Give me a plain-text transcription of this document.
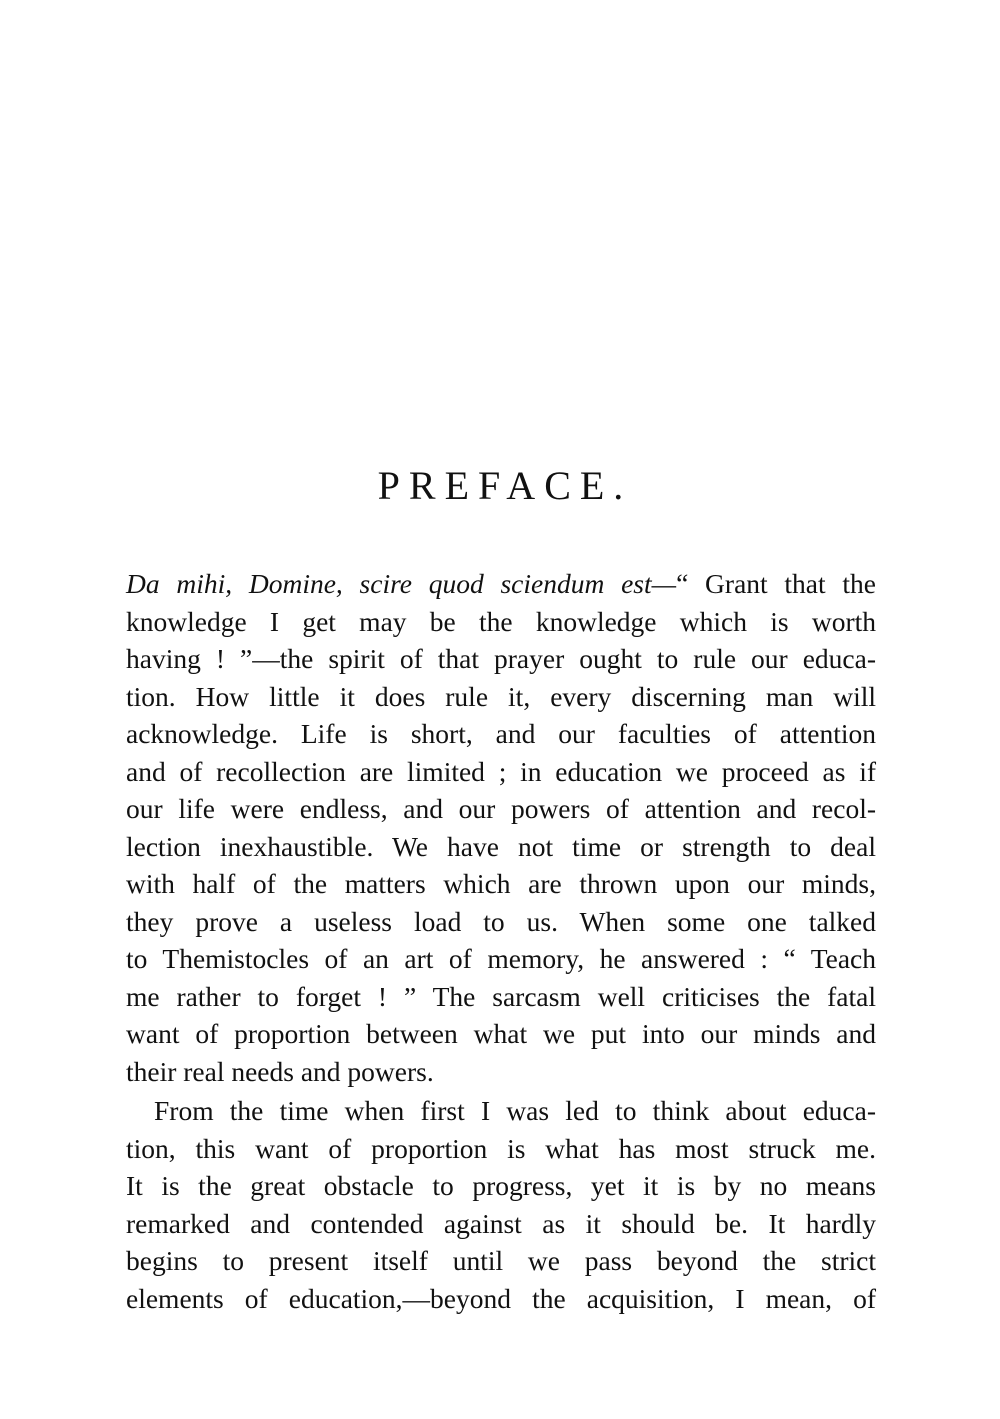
PREFACE.
Da mihi, Domine, scire quod sciendum est—“ Grant that the
knowledge I get may be the knowledge which is worth
having ! ”—the spirit of that prayer ought to rule our educa-
tion. How little it does rule it, every discerning man will
acknowledge. Life is short, and our faculties of attention
and of recollection are limited ; in education we proceed as if
our life were endless, and our powers of attention and recol-
lection inexhaustible. We have not time or strength to deal
with half of the matters which are thrown upon our minds,
they prove a useless load to us. When some one talked
to Themistocles of an art of memory, he answered : “ Teach
me rather to forget ! ” The sarcasm well criticises the fatal
want of proportion between what we put into our minds and
their real needs and powers.
From the time when first I was led to think about educa-
tion, this want of proportion is what has most struck me.
It is the great obstacle to progress, yet it is by no means
remarked and contended against as it should be. It hardly
begins to present itself until we pass beyond the strict
elements of education,—beyond the acquisition, I mean, of
